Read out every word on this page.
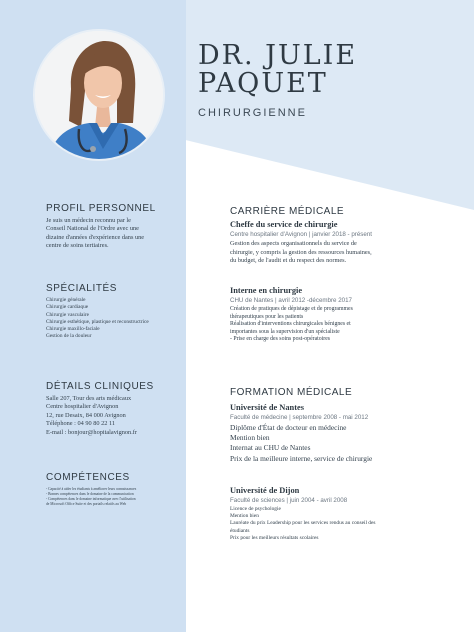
DR. JULIE
PAQUET
CHIRURGIENNE
PROFIL PERSONNEL
Je suis un médecin reconnu par le
Conseil National de l'Ordre avec une
dizaine d'années d'expérience dans une
centre de soins tertiaires.
SPÉCIALITÉS
Chirurgie générale
Chirurgie cardiaque
Chirurgie vasculaire
Chirurgie esthétique, plastique et reconstructrice
Chirurgie maxillo-faciale
Gestion de la douleur
DÉTAILS CLINIQUES
Salle 207, Tour des arts médicaux
Centre hospitalier d'Avignon
12, rue Desaix, 84 000 Avignon
Téléphone : 04 90 80 22 11
E-mail : bonjour@hopitalavignon.fr
COMPÉTENCES
- Capacité à aider les étudiants à améliorer leurs connaissances
- Bonnes compétences dans le domaine de la communication
- Compétences dans le domaine informatique avec l'utilisation
de Microsoft Office Suite et des portails relatifs au Web
CARRIÈRE MÉDICALE
Cheffe du service de chirurgie
Centre hospitalier d'Avignon | janvier 2018 - présent
Gestion des aspects organisationnels du service de
chirurgie, y compris la gestion des ressources humaines,
du budget, de l'audit et du respect des normes.
Interne en chirurgie
CHU de Nantes | avril 2012 -décembre 2017
Création de pratiques de dépistage et de programmes
thérapeutiques pour les patients
Réalisation d'interventions chirurgicales bénignes et
importantes sous la supervision d'un spécialiste
- Prise en charge des soins post-opératoires
FORMATION MÉDICALE
Université de Nantes
Faculté de médecine | septembre 2008 - mai 2012
Diplôme d'État de docteur en médecine
Mention bien
Internat au CHU de Nantes
Prix de la meilleure interne, service de chirurgie
Université de Dijon
Faculté de sciences | juin 2004 - avril 2008
Licence de psychologie
Mention bien
Lauréate du prix Leadership pour les services rendus au conseil des
étudiants
Prix pour les meilleurs résultats scolaires
